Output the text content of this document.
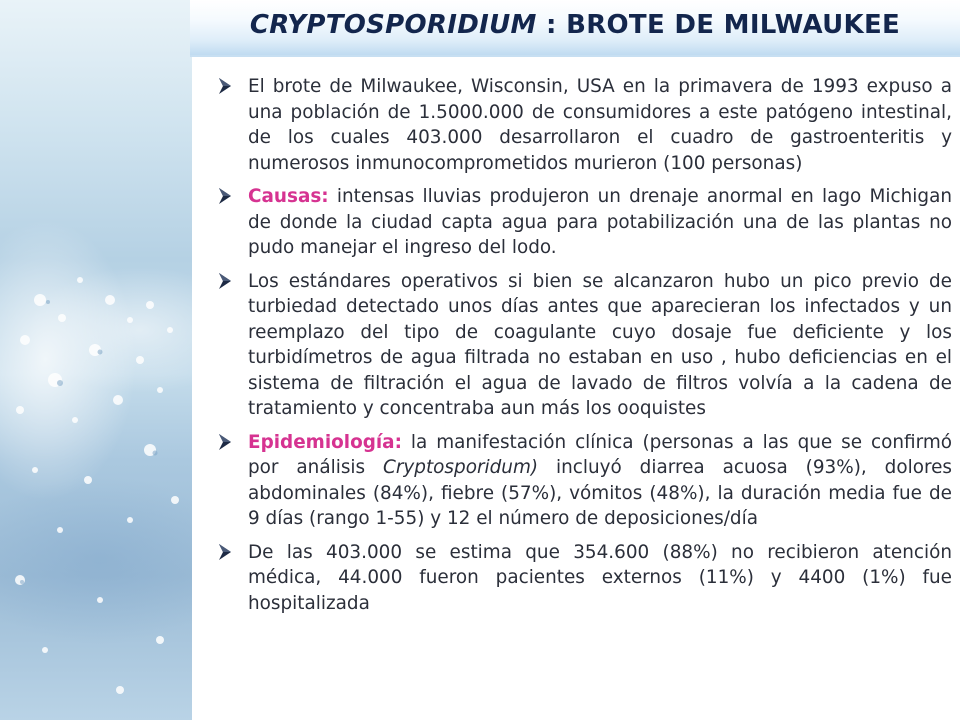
CRYPTOSPORIDIUM : BROTE DE MILWAUKEE
El brote de Milwaukee, Wisconsin, USA en la primavera de 1993 expuso a una población de 1.5000.000 de consumidores a este patógeno intestinal, de los cuales 403.000 desarrollaron el cuadro de gastroenteritis y numerosos inmunocomprometidos murieron (100 personas)
Causas: intensas lluvias produjeron un drenaje anormal en lago Michigan de donde la ciudad capta agua para potabilización una de las plantas no pudo manejar el ingreso del lodo.
Los estándares operativos si bien se alcanzaron hubo un pico previo de turbiedad detectado unos días antes que aparecieran los infectados y un reemplazo del tipo de coagulante cuyo dosaje fue deficiente y los turbidímetros de agua filtrada no estaban en uso , hubo deficiencias en el sistema de filtración el agua de lavado de filtros volvía a la cadena de tratamiento y concentraba aun más los ooquistes
Epidemiología: la manifestación clínica (personas a las que se confirmó por análisis Cryptosporidum) incluyó diarrea acuosa (93%), dolores abdominales (84%), fiebre (57%), vómitos (48%), la duración media fue de 9 días (rango 1-55) y 12 el número de deposiciones/día
De las 403.000 se estima que 354.600 (88%) no recibieron atención médica, 44.000 fueron pacientes externos (11%) y 4400 (1%) fue hospitalizada
